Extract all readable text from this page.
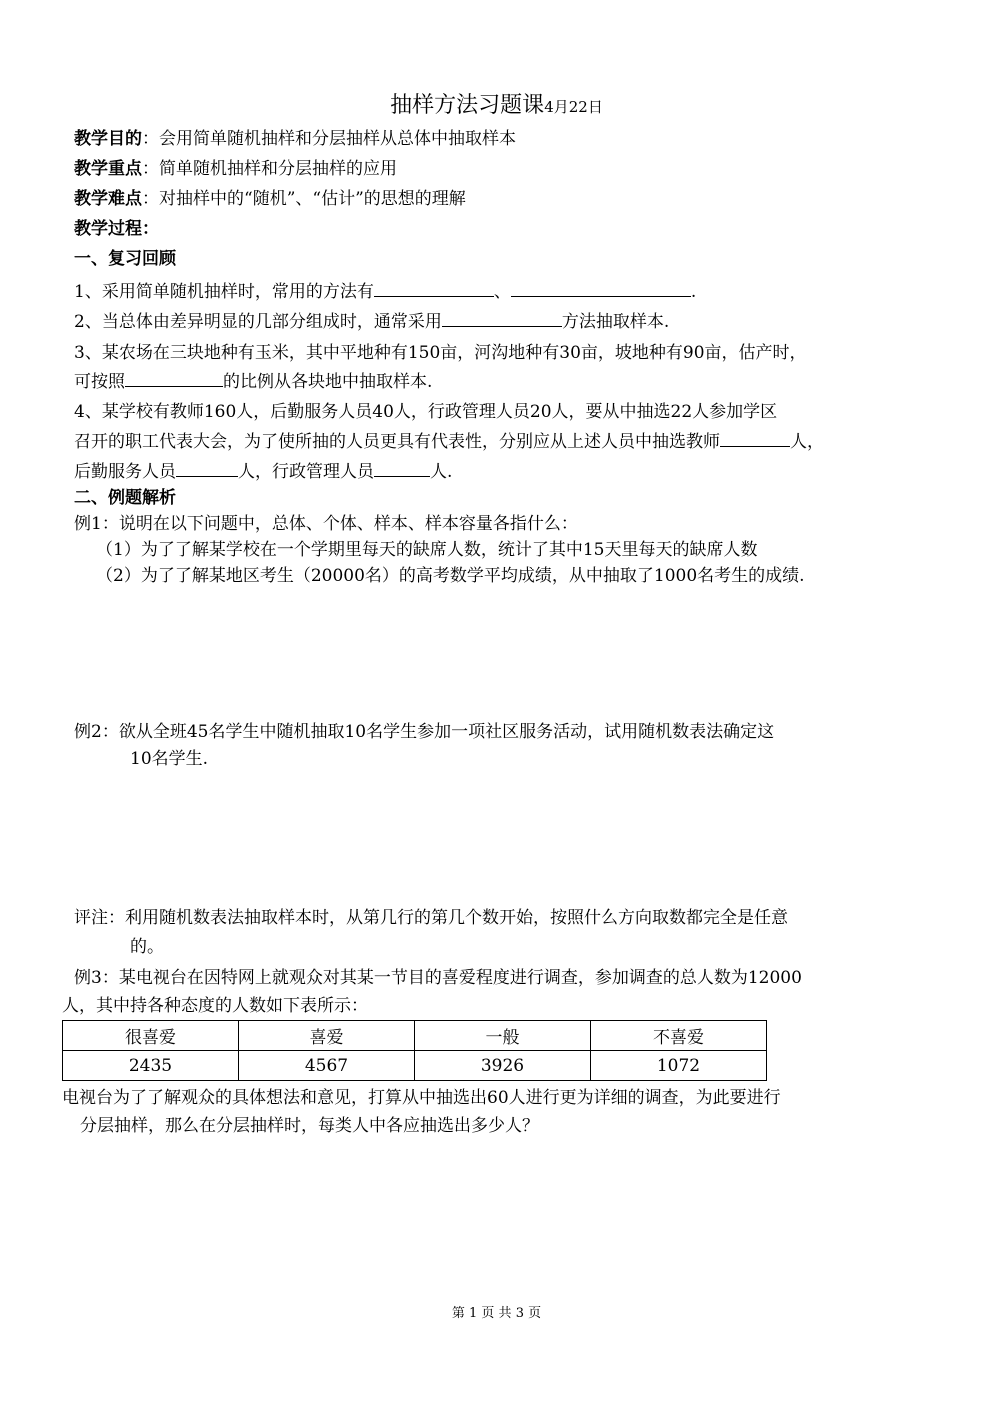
抽样方法习题课4月22日
教学目的：会用简单随机抽样和分层抽样从总体中抽取样本
教学重点：简单随机抽样和分层抽样的应用
教学难点：对抽样中的“随机”、“估计”的思想的理解
教学过程：
一、复习回顾
1、采用简单随机抽样时，常用的方法有	、	.
2、当总体由差异明显的几部分组成时，通常采用	方法抽取样本.
3、某农场在三块地种有玉米，其中平地种有150亩，河沟地种有30亩，坡地种有90亩，估产时，
可按照	的比例从各块地中抽取样本.
4、某学校有教师160人，后勤服务人员40人，行政管理人员20人，要从中抽选22人参加学区
召开的职工代表大会，为了使所抽的人员更具有代表性，分别应从上述人员中抽选教师	人，
后勤服务人员	人，行政管理人员	人.
二、例题解析
例1：说明在以下问题中，总体、个体、样本、样本容量各指什么：
（1）为了了解某学校在一个学期里每天的缺席人数，统计了其中15天里每天的缺席人数
（2）为了了解某地区考生（20000名）的高考数学平均成绩，从中抽取了1000名考生的成绩.
例2：欲从全班45名学生中随机抽取10名学生参加一项社区服务活动，试用随机数表法确定这
10名学生.
评注：利用随机数表法抽取样本时，从第几行的第几个数开始，按照什么方向取数都完全是任意
的。
例3：某电视台在因特网上就观众对其某一节目的喜爱程度进行调查，参加调查的总人数为12000
人，其中持各种态度的人数如下表所示：
很喜爱	喜爱	一般	不喜爱
2435	4567	3926	1072
电视台为了了解观众的具体想法和意见，打算从中抽选出60人进行更为详细的调查，为此要进行
分层抽样，那么在分层抽样时，每类人中各应抽选出多少人？
第 1 页 共 3 页
